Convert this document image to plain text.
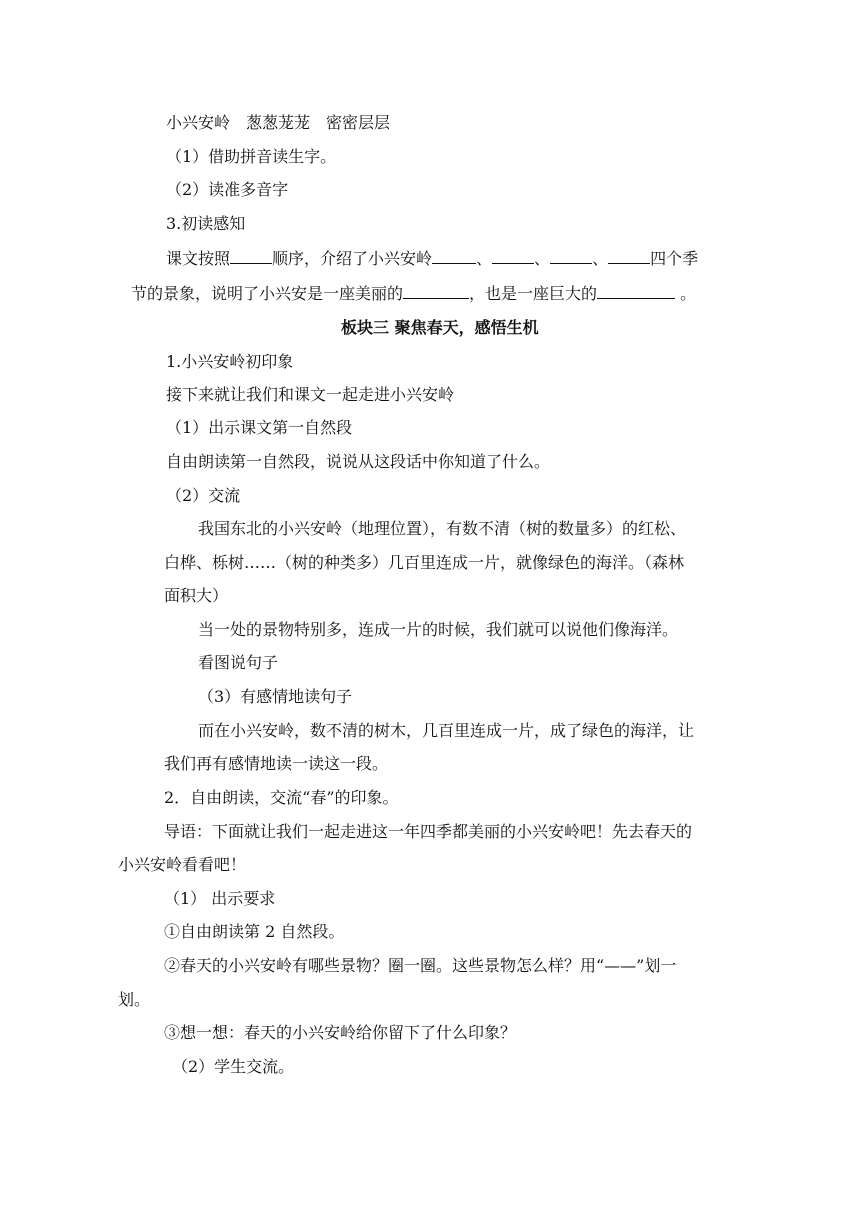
小兴安岭　葱葱茏茏　密密层层
（1）借助拼音读生字。
（2）读准多音字
3.初读感知
课文按照	顺序，介绍了小兴安岭	、	、	、	四个季
节的景象，说明了小兴安是一座美丽的	，也是一座巨大的	。
板块三 聚焦春天，感悟生机
1.小兴安岭初印象
接下来就让我们和课文一起走进小兴安岭
（1）出示课文第一自然段
自由朗读第一自然段，说说从这段话中你知道了什么。
（2）交流
我国东北的小兴安岭（地理位置），有数不清（树的数量多）的红松、
白桦、栎树……（树的种类多）几百里连成一片，就像绿色的海洋。（森林
面积大）
当一处的景物特别多，连成一片的时候，我们就可以说他们像海洋。
看图说句子
（3）有感情地读句子
而在小兴安岭，数不清的树木，几百里连成一片，成了绿色的海洋，让
我们再有感情地读一读这一段。
2．自由朗读，交流“春”的印象。
导语：下面就让我们一起走进这一年四季都美丽的小兴安岭吧！先去春天的
小兴安岭看看吧！
（1） 出示要求
①自由朗读第 2 自然段。
②春天的小兴安岭有哪些景物？圈一圈。这些景物怎么样？用“——”划一
划。
③想一想：春天的小兴安岭给你留下了什么印象？
（2）学生交流。
